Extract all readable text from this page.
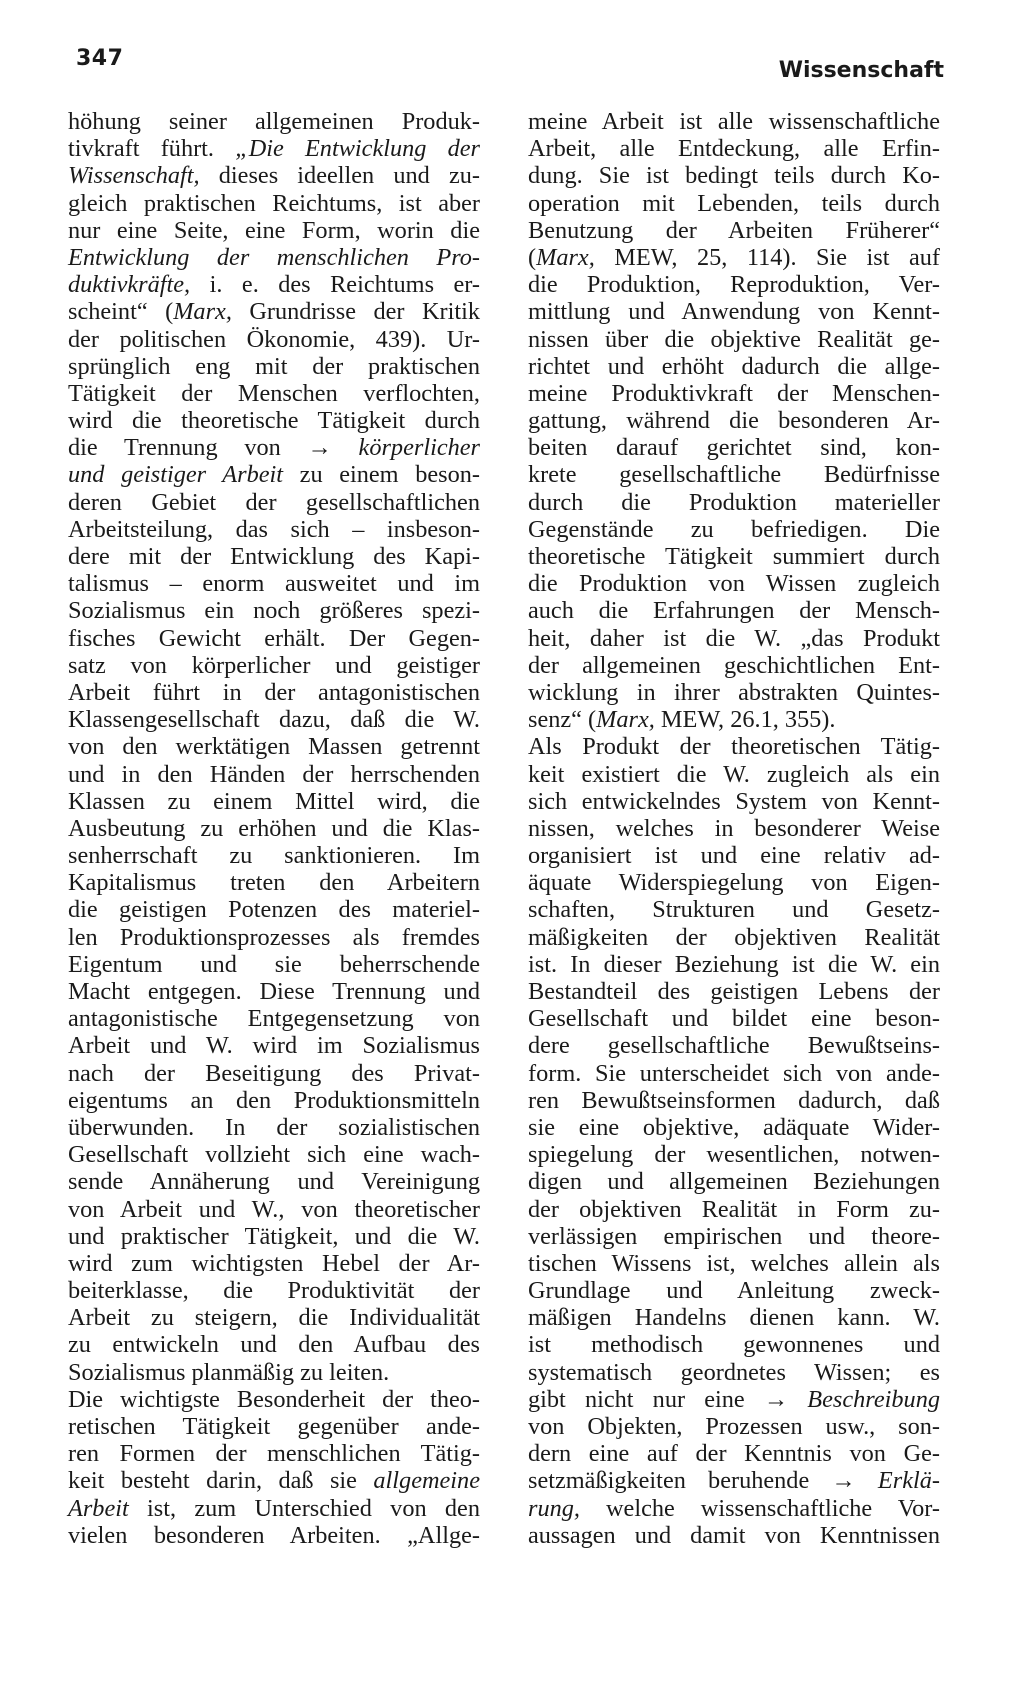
347	Wissenschaft
höhung seiner allgemeinen Produk-
tivkraft führt. „Die Entwicklung der
Wissenschaft, dieses ideellen und zu-
gleich praktischen Reichtums, ist aber
nur eine Seite, eine Form, worin die
Entwicklung der menschlichen Pro-
duktivkräfte, i. e. des Reichtums er-
scheint“ (Marx, Grundrisse der Kritik
der politischen Ökonomie, 439). Ur-
sprünglich eng mit der praktischen
Tätigkeit der Menschen verflochten,
wird die theoretische Tätigkeit durch
die Trennung von → körperlicher
und geistiger Arbeit zu einem beson-
deren Gebiet der gesellschaftlichen
Arbeitsteilung, das sich – insbeson-
dere mit der Entwicklung des Kapi-
talismus – enorm ausweitet und im
Sozialismus ein noch größeres spezi-
fisches Gewicht erhält. Der Gegen-
satz von körperlicher und geistiger
Arbeit führt in der antagonistischen
Klassengesellschaft dazu, daß die W.
von den werktätigen Massen getrennt
und in den Händen der herrschenden
Klassen zu einem Mittel wird, die
Ausbeutung zu erhöhen und die Klas-
senherrschaft zu sanktionieren. Im
Kapitalismus treten den Arbeitern
die geistigen Potenzen des materiel-
len Produktionsprozesses als fremdes
Eigentum und sie beherrschende
Macht entgegen. Diese Trennung und
antagonistische Entgegensetzung von
Arbeit und W. wird im Sozialismus
nach der Beseitigung des Privat-
eigentums an den Produktionsmitteln
überwunden. In der sozialistischen
Gesellschaft vollzieht sich eine wach-
sende Annäherung und Vereinigung
von Arbeit und W., von theoretischer
und praktischer Tätigkeit, und die W.
wird zum wichtigsten Hebel der Ar-
beiterklasse, die Produktivität der
Arbeit zu steigern, die Individualität
zu entwickeln und den Aufbau des
Sozialismus planmäßig zu leiten.
Die wichtigste Besonderheit der theo-
retischen Tätigkeit gegenüber ande-
ren Formen der menschlichen Tätig-
keit besteht darin, daß sie allgemeine
Arbeit ist, zum Unterschied von den
vielen besonderen Arbeiten. „Allge-
meine Arbeit ist alle wissenschaftliche
Arbeit, alle Entdeckung, alle Erfin-
dung. Sie ist bedingt teils durch Ko-
operation mit Lebenden, teils durch
Benutzung der Arbeiten Früherer“
(Marx, MEW, 25, 114). Sie ist auf
die Produktion, Reproduktion, Ver-
mittlung und Anwendung von Kennt-
nissen über die objektive Realität ge-
richtet und erhöht dadurch die allge-
meine Produktivkraft der Menschen-
gattung, während die besonderen Ar-
beiten darauf gerichtet sind, kon-
krete gesellschaftliche Bedürfnisse
durch die Produktion materieller
Gegenstände zu befriedigen. Die
theoretische Tätigkeit summiert durch
die Produktion von Wissen zugleich
auch die Erfahrungen der Mensch-
heit, daher ist die W. „das Produkt
der allgemeinen geschichtlichen Ent-
wicklung in ihrer abstrakten Quintes-
senz“ (Marx, MEW, 26.1, 355).
Als Produkt der theoretischen Tätig-
keit existiert die W. zugleich als ein
sich entwickelndes System von Kennt-
nissen, welches in besonderer Weise
organisiert ist und eine relativ ad-
äquate Widerspiegelung von Eigen-
schaften, Strukturen und Gesetz-
mäßigkeiten der objektiven Realität
ist. In dieser Beziehung ist die W. ein
Bestandteil des geistigen Lebens der
Gesellschaft und bildet eine beson-
dere gesellschaftliche Bewußtseins-
form. Sie unterscheidet sich von ande-
ren Bewußtseinsformen dadurch, daß
sie eine objektive, adäquate Wider-
spiegelung der wesentlichen, notwen-
digen und allgemeinen Beziehungen
der objektiven Realität in Form zu-
verlässigen empirischen und theore-
tischen Wissens ist, welches allein als
Grundlage und Anleitung zweck-
mäßigen Handelns dienen kann. W.
ist methodisch gewonnenes und
systematisch geordnetes Wissen; es
gibt nicht nur eine → Beschreibung
von Objekten, Prozessen usw., son-
dern eine auf der Kenntnis von Ge-
setzmäßigkeiten beruhende → Erklä-
rung, welche wissenschaftliche Vor-
aussagen und damit von Kenntnissen
